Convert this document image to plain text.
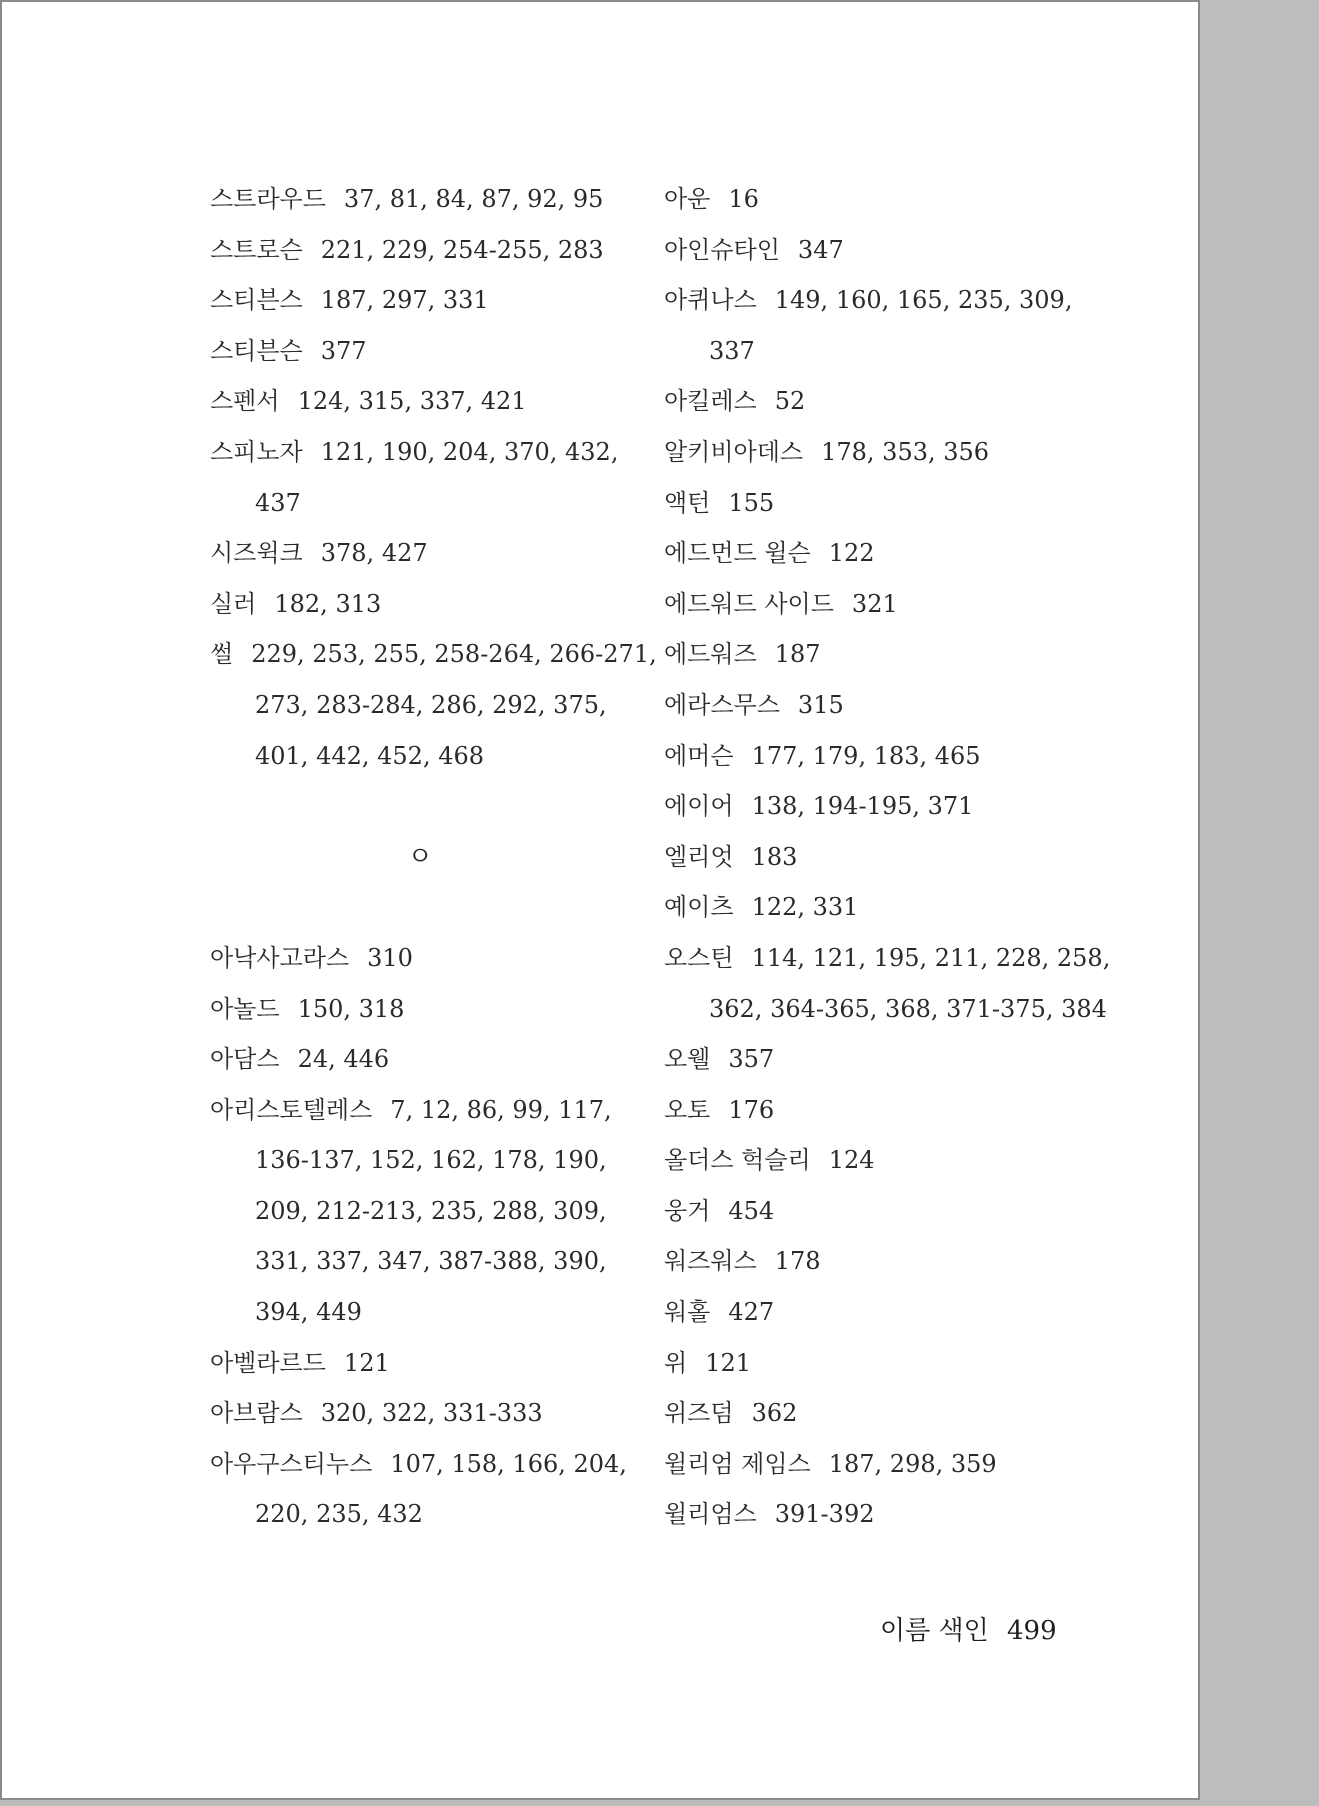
스트라우드 37, 81, 84, 87, 92, 95
스트로슨 221, 229, 254-255, 283
스티븐스 187, 297, 331
스티븐슨 377
스펜서 124, 315, 337, 421
스피노자 121, 190, 204, 370, 432,
437
시즈윅크 378, 427
실러 182, 313
썰 229, 253, 255, 258-264, 266-271,
273, 283-284, 286, 292, 375,
401, 442, 452, 468
ㅇ
아낙사고라스 310
아놀드 150, 318
아담스 24, 446
아리스토텔레스 7, 12, 86, 99, 117,
136-137, 152, 162, 178, 190,
209, 212-213, 235, 288, 309,
331, 337, 347, 387-388, 390,
394, 449
아벨라르드 121
아브람스 320, 322, 331-333
아우구스티누스 107, 158, 166, 204,
220, 235, 432
아운 16
아인슈타인 347
아퀴나스 149, 160, 165, 235, 309,
337
아킬레스 52
알키비아데스 178, 353, 356
액턴 155
에드먼드 윌슨 122
에드워드 사이드 321
에드워즈 187
에라스무스 315
에머슨 177, 179, 183, 465
에이어 138, 194-195, 371
엘리엇 183
예이츠 122, 331
오스틴 114, 121, 195, 211, 228, 258,
362, 364-365, 368, 371-375, 384
오웰 357
오토 176
올더스 헉슬리 124
웅거 454
워즈워스 178
워홀 427
위 121
위즈덤 362
윌리엄 제임스 187, 298, 359
윌리엄스 391-392
이름 색인 499
